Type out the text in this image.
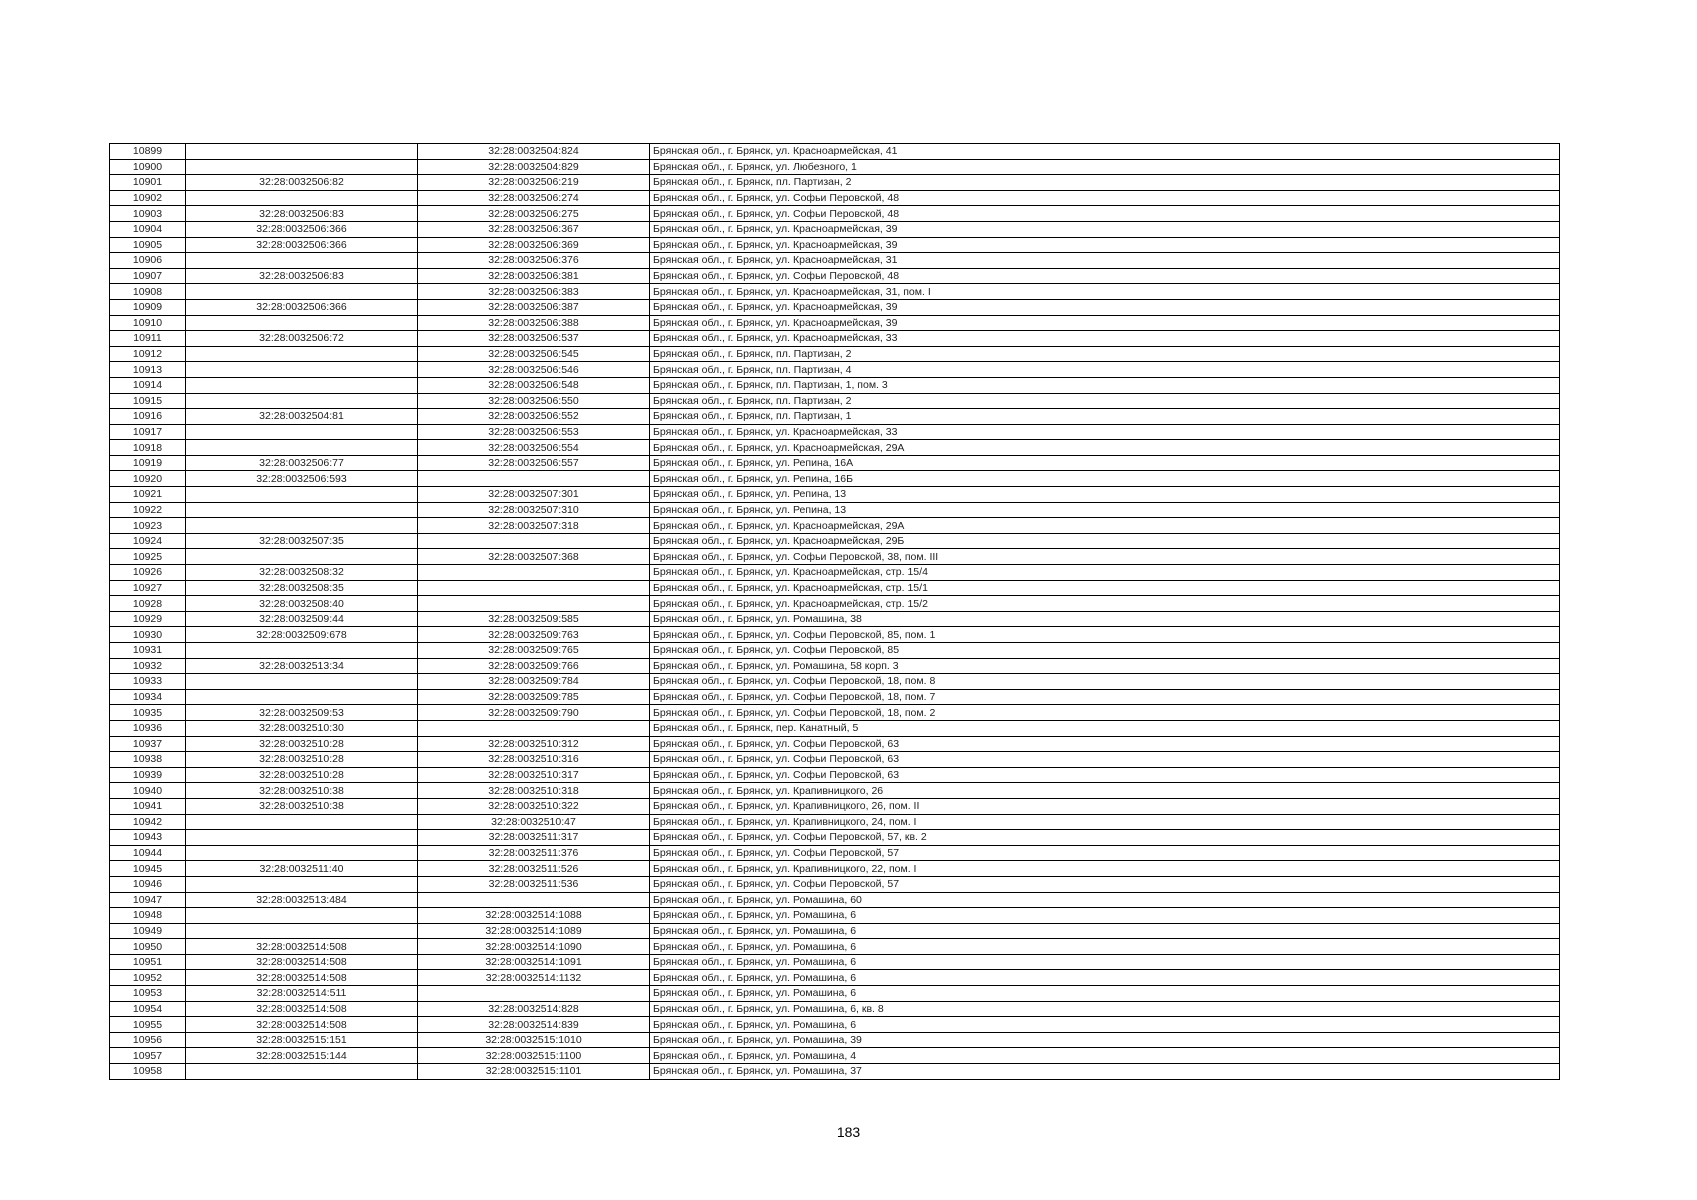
10899		32:28:0032504:824	Брянская обл., г. Брянск, ул. Красноармейская, 41
10900		32:28:0032504:829	Брянская обл., г. Брянск, ул. Любезного, 1
10901	32:28:0032506:82	32:28:0032506:219	Брянская обл., г. Брянск, пл. Партизан, 2
10902		32:28:0032506:274	Брянская обл., г. Брянск, ул. Софьи Перовской, 48
10903	32:28:0032506:83	32:28:0032506:275	Брянская обл., г. Брянск, ул. Софьи Перовской, 48
10904	32:28:0032506:366	32:28:0032506:367	Брянская обл., г. Брянск, ул. Красноармейская, 39
10905	32:28:0032506:366	32:28:0032506:369	Брянская обл., г. Брянск, ул. Красноармейская, 39
10906		32:28:0032506:376	Брянская обл., г. Брянск, ул. Красноармейская, 31
10907	32:28:0032506:83	32:28:0032506:381	Брянская обл., г. Брянск, ул. Софьи Перовской, 48
10908		32:28:0032506:383	Брянская обл., г. Брянск, ул. Красноармейская, 31, пом. I
10909	32:28:0032506:366	32:28:0032506:387	Брянская обл., г. Брянск, ул. Красноармейская, 39
10910		32:28:0032506:388	Брянская обл., г. Брянск, ул. Красноармейская, 39
10911	32:28:0032506:72	32:28:0032506:537	Брянская обл., г. Брянск, ул. Красноармейская, 33
10912		32:28:0032506:545	Брянская обл., г. Брянск, пл. Партизан, 2
10913		32:28:0032506:546	Брянская обл., г. Брянск, пл. Партизан, 4
10914		32:28:0032506:548	Брянская обл., г. Брянск, пл. Партизан, 1, пом. 3
10915		32:28:0032506:550	Брянская обл., г. Брянск, пл. Партизан, 2
10916	32:28:0032504:81	32:28:0032506:552	Брянская обл., г. Брянск, пл. Партизан, 1
10917		32:28:0032506:553	Брянская обл., г. Брянск, ул. Красноармейская, 33
10918		32:28:0032506:554	Брянская обл., г. Брянск, ул. Красноармейская, 29А
10919	32:28:0032506:77	32:28:0032506:557	Брянская обл., г. Брянск, ул. Репина, 16А
10920	32:28:0032506:593		Брянская обл., г. Брянск, ул. Репина, 16Б
10921		32:28:0032507:301	Брянская обл., г. Брянск, ул. Репина, 13
10922		32:28:0032507:310	Брянская обл., г. Брянск, ул. Репина, 13
10923		32:28:0032507:318	Брянская обл., г. Брянск, ул. Красноармейская, 29А
10924	32:28:0032507:35		Брянская обл., г. Брянск, ул. Красноармейская, 29Б
10925		32:28:0032507:368	Брянская обл., г. Брянск, ул. Софьи Перовской, 38, пом. III
10926	32:28:0032508:32		Брянская обл., г. Брянск, ул. Красноармейская, стр. 15/4
10927	32:28:0032508:35		Брянская обл., г. Брянск, ул. Красноармейская, стр. 15/1
10928	32:28:0032508:40		Брянская обл., г. Брянск, ул. Красноармейская, стр. 15/2
10929	32:28:0032509:44	32:28:0032509:585	Брянская обл., г. Брянск, ул. Ромашина, 38
10930	32:28:0032509:678	32:28:0032509:763	Брянская обл., г. Брянск, ул. Софьи Перовской, 85, пом. 1
10931		32:28:0032509:765	Брянская обл., г. Брянск, ул. Софьи Перовской, 85
10932	32:28:0032513:34	32:28:0032509:766	Брянская обл., г. Брянск, ул. Ромашина, 58 корп. 3
10933		32:28:0032509:784	Брянская обл., г. Брянск, ул. Софьи Перовской, 18, пом. 8
10934		32:28:0032509:785	Брянская обл., г. Брянск, ул. Софьи Перовской, 18, пом. 7
10935	32:28:0032509:53	32:28:0032509:790	Брянская обл., г. Брянск, ул. Софьи Перовской, 18, пом. 2
10936	32:28:0032510:30		Брянская обл., г. Брянск, пер. Канатный, 5
10937	32:28:0032510:28	32:28:0032510:312	Брянская обл., г. Брянск, ул. Софьи Перовской, 63
10938	32:28:0032510:28	32:28:0032510:316	Брянская обл., г. Брянск, ул. Софьи Перовской, 63
10939	32:28:0032510:28	32:28:0032510:317	Брянская обл., г. Брянск, ул. Софьи Перовской, 63
10940	32:28:0032510:38	32:28:0032510:318	Брянская обл., г. Брянск, ул. Крапивницкого, 26
10941	32:28:0032510:38	32:28:0032510:322	Брянская обл., г. Брянск, ул. Крапивницкого, 26, пом. II
10942		32:28:0032510:47	Брянская обл., г. Брянск, ул. Крапивницкого, 24, пом. I
10943		32:28:0032511:317	Брянская обл., г. Брянск, ул. Софьи Перовской, 57, кв. 2
10944		32:28:0032511:376	Брянская обл., г. Брянск, ул. Софьи Перовской, 57
10945	32:28:0032511:40	32:28:0032511:526	Брянская обл., г. Брянск, ул. Крапивницкого, 22, пом. I
10946		32:28:0032511:536	Брянская обл., г. Брянск, ул. Софьи Перовской, 57
10947	32:28:0032513:484		Брянская обл., г. Брянск, ул. Ромашина, 60
10948		32:28:0032514:1088	Брянская обл., г. Брянск, ул. Ромашина, 6
10949		32:28:0032514:1089	Брянская обл., г. Брянск, ул. Ромашина, 6
10950	32:28:0032514:508	32:28:0032514:1090	Брянская обл., г. Брянск, ул. Ромашина, 6
10951	32:28:0032514:508	32:28:0032514:1091	Брянская обл., г. Брянск, ул. Ромашина, 6
10952	32:28:0032514:508	32:28:0032514:1132	Брянская обл., г. Брянск, ул. Ромашина, 6
10953	32:28:0032514:511		Брянская обл., г. Брянск, ул. Ромашина, 6
10954	32:28:0032514:508	32:28:0032514:828	Брянская обл., г. Брянск, ул. Ромашина, 6, кв. 8
10955	32:28:0032514:508	32:28:0032514:839	Брянская обл., г. Брянск, ул. Ромашина, 6
10956	32:28:0032515:151	32:28:0032515:1010	Брянская обл., г. Брянск, ул. Ромашина, 39
10957	32:28:0032515:144	32:28:0032515:1100	Брянская обл., г. Брянск, ул. Ромашина, 4
10958		32:28:0032515:1101	Брянская обл., г. Брянск, ул. Ромашина, 37
183
